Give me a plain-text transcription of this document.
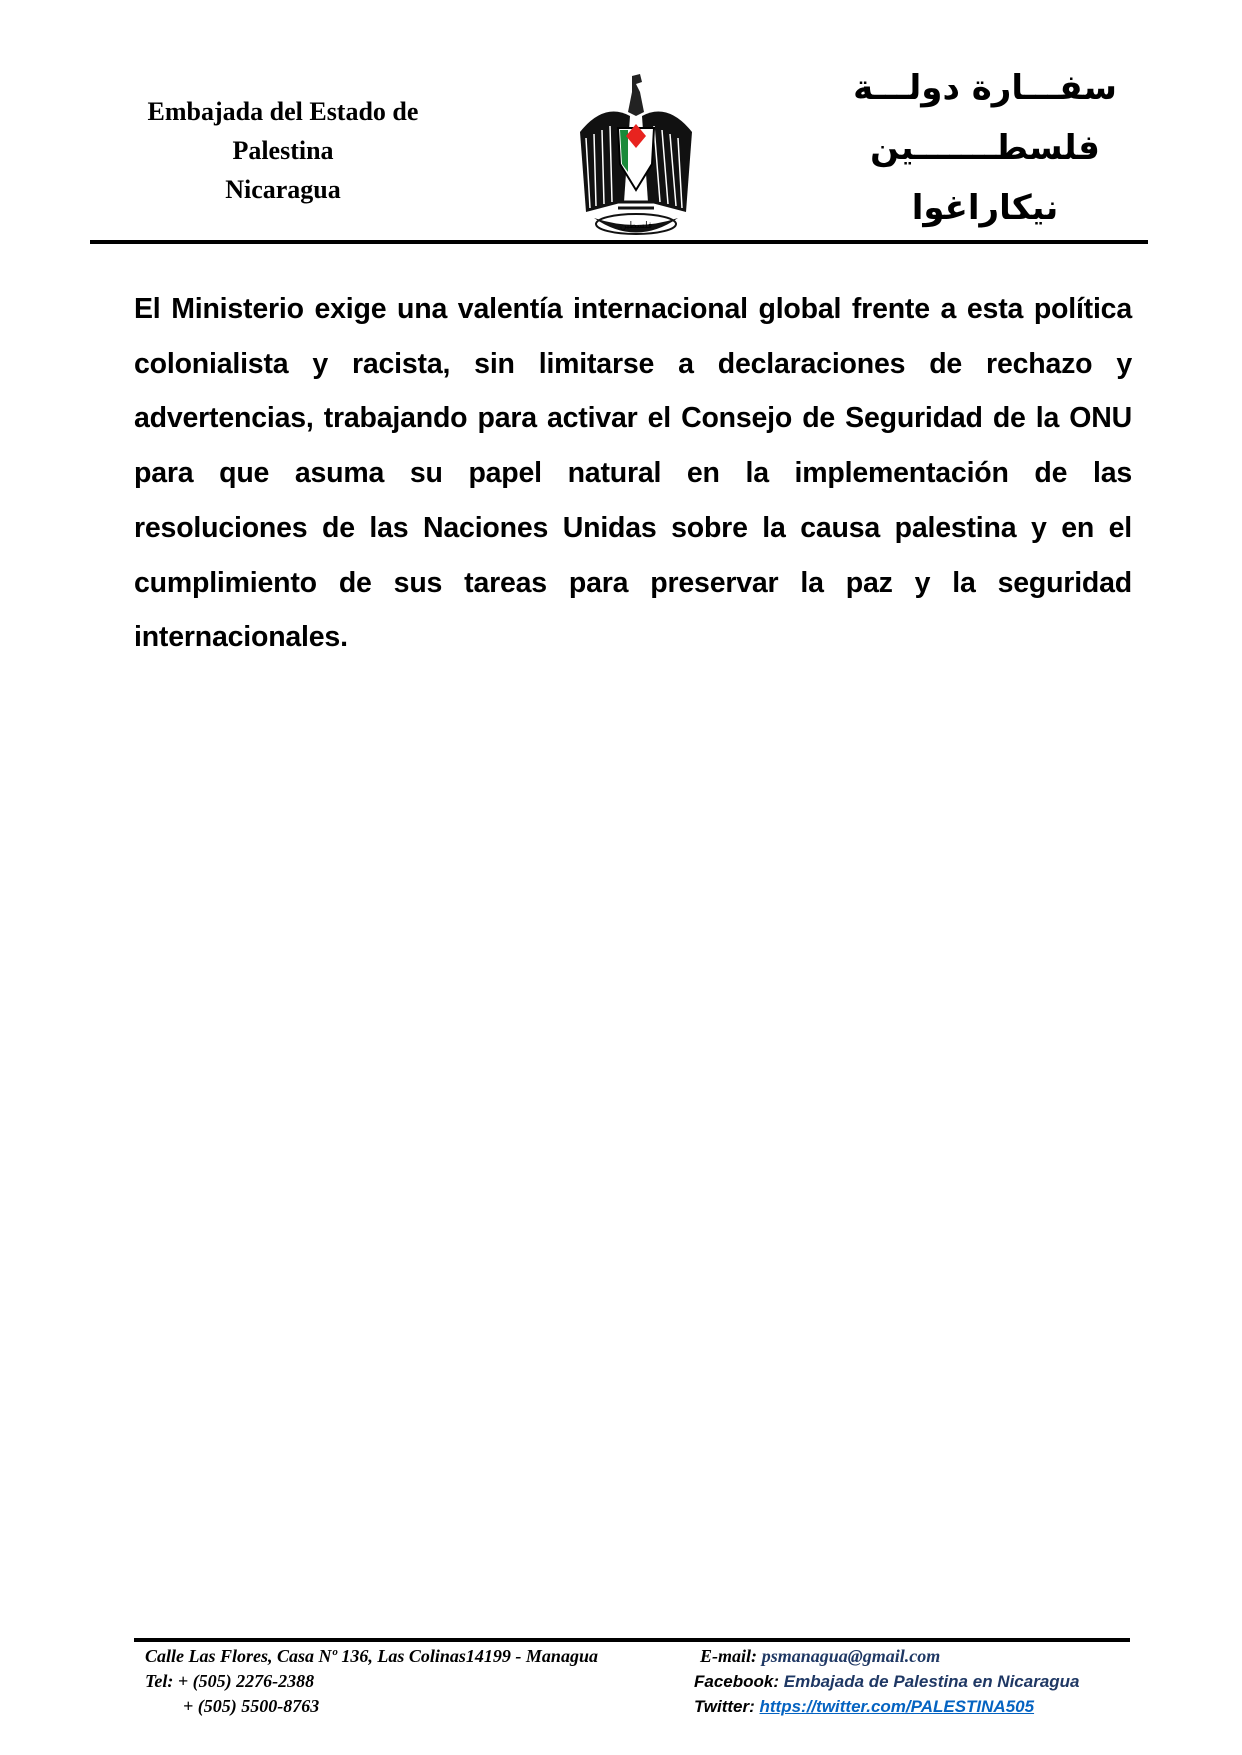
Embajada del Estado de
Palestina
Nicaragua
فلسطين
سفـــارة دولـــة
فلسطـــــــين
نيكاراغوا
El Ministerio exige una valentía internacional global frente a esta política colonialista y racista, sin limitarse a declaraciones de rechazo y advertencias, trabajando para activar el Consejo de Seguridad de la ONU para que asuma su papel natural en la implementación de las resoluciones de las Naciones Unidas sobre la causa palestina y en el cumplimiento de sus tareas para preservar la paz y la seguridad internacionales.
Calle Las Flores, Casa Nº 136, Las Colinas14199 - Managua
Tel: + (505) 2276-2388
+ (505) 5500-8763
E-mail: psmanagua@gmail.com
Facebook: Embajada de Palestina en Nicaragua
Twitter: https://twitter.com/PALESTINA505
